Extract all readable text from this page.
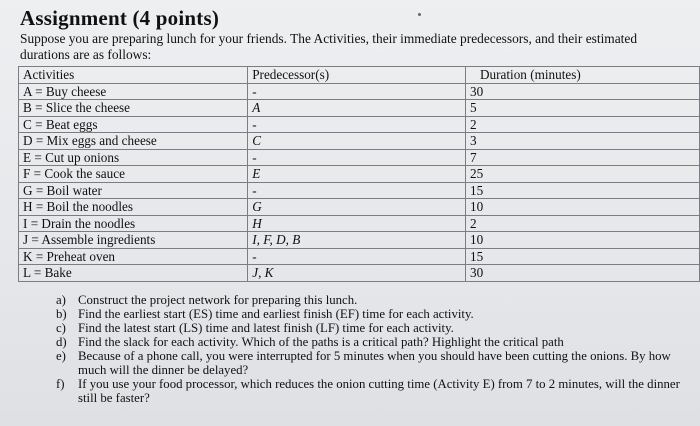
Assignment (4 points)
Suppose you are preparing lunch for your friends. The Activities, their immediate predecessors, and their estimated durations are as follows:
Activities	Predecessor(s)	Duration (minutes)
A = Buy cheese	-	30
B = Slice the cheese	A	5
C = Beat eggs	-	2
D = Mix eggs and cheese	C	3
E = Cut up onions	-	7
F = Cook the sauce	E	25
G = Boil water	-	15
H = Boil the noodles	G	10
I = Drain the noodles	H	2
J = Assemble ingredients	I, F, D, B	10
K = Preheat oven	-	15
L = Bake	J, K	30
a) Construct the project network for preparing this lunch.
b) Find the earliest start (ES) time and earliest finish (EF) time for each activity.
c) Find the latest start (LS) time and latest finish (LF) time for each activity.
d) Find the slack for each activity. Which of the paths is a critical path? Highlight the critical path
e) Because of a phone call, you were interrupted for 5 minutes when you should have been cutting the onions. By how much will the dinner be delayed?
f)	If you use your food processor, which reduces the onion cutting time (Activity E) from 7 to 2 minutes, will the dinner still be faster?
